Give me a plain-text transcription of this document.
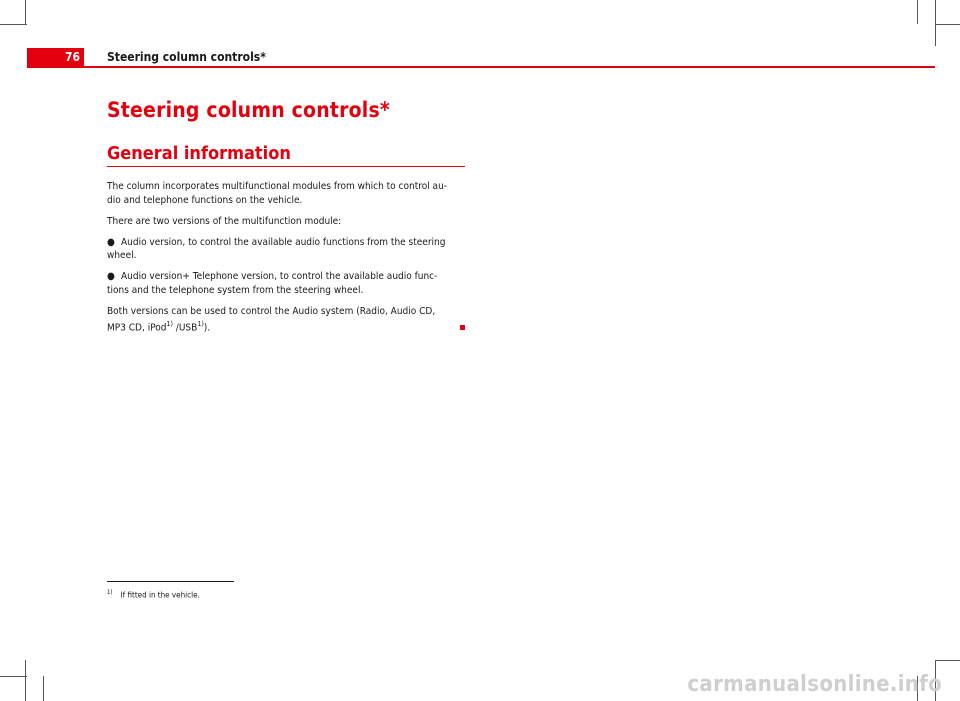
76	Steering column controls*
Steering column controls*
General information

The column incorporates multifunctional modules from which to control au-
dio and telephone functions on the vehicle.

There are two versions of the multifunction module:

● Audio version, to control the available audio functions from the steering
wheel.

● Audio version+ Telephone version, to control the available audio func-
tions and the telephone system from the steering wheel.

Both versions can be used to control the Audio system (Radio, Audio CD,
MP3 CD, iPod$^{1)}$ /USB$^{1)}$).

$^{1)}$ If fitted in the vehicle.
carmanualsonline.info
